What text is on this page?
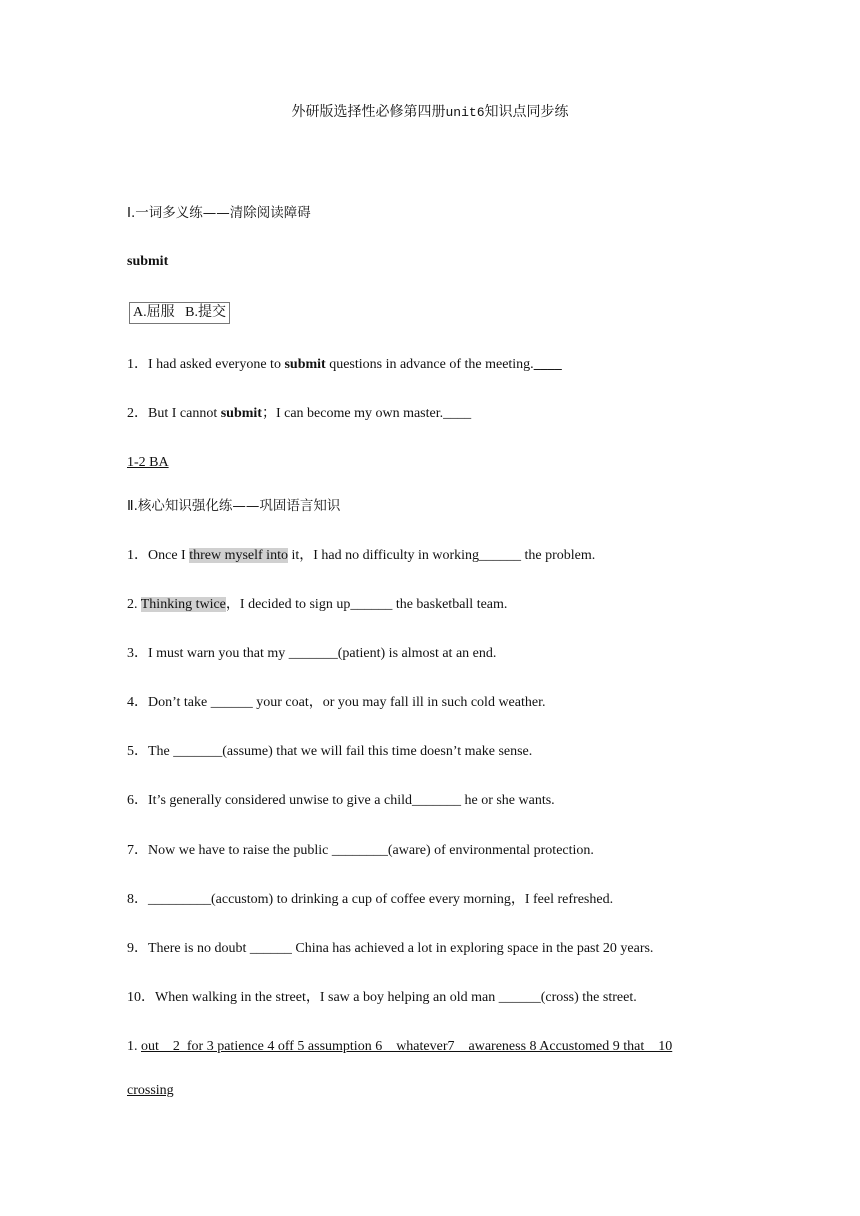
外研版选择性必修第四册unit6知识点同步练
Ⅰ.一词多义练——清除阅读障碍
submit
A.屈服 B.提交
1．I had asked everyone to submit questions in advance of the meeting.____
2．But I cannot submit；I can become my own master.____
1-2 BA
Ⅱ.核心知识强化练——巩固语言知识
1．Once I threw myself into it，I had no difficulty in working______ the problem.
2. Thinking twice，I decided to sign up______ the basketball team.
3．I must warn you that my _______(patient) is almost at an end.
4．Don’t take ______ your coat，or you may fall ill in such cold weather.
5．The _______(assume) that we will fail this time doesn’t make sense.
6．It’s generally considered unwise to give a child_______ he or she wants.
7．Now we have to raise the public ________(aware) of environmental protection.
8．_________(accustom) to drinking a cup of coffee every morning，I feel refreshed.
9．There is no doubt ______ China has achieved a lot in exploring space in the past 20 years.
10．When walking in the street，I saw a boy helping an old man ______(cross) the street.
1. out    2  for 3 patience 4 off 5 assumption 6    whatever7    awareness 8 Accustomed 9 that    10
crossing
